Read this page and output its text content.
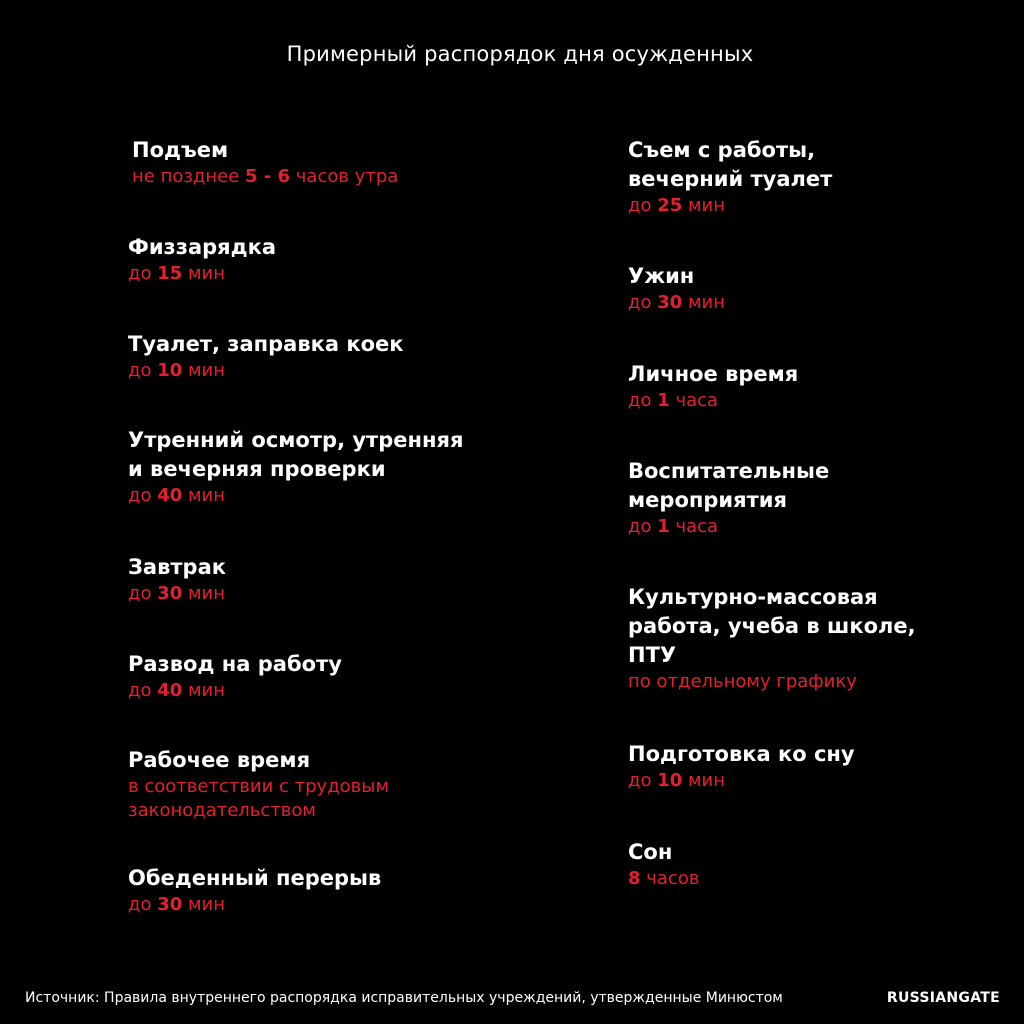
Примерный распорядок дня осужденных
Подъем
не позднее 5 - 6 часов утра
Физзарядка
до 15 мин
Туалет, заправка коек
до 10 мин
Утренний осмотр, утренняя
и вечерняя проверки
до 40 мин
Завтрак
до 30 мин
Развод на работу
до 40 мин
Рабочее время
в соответствии с трудовым
законодательством
Обеденный перерыв
до 30 мин
Съем с работы,
вечерний туалет
до 25 мин
Ужин
до 30 мин
Личное время
до 1 часа
Воспитательные
мероприятия
до 1 часа
Культурно-массовая
работа, учеба в школе,
ПТУ
по отдельному графику
Подготовка ко сну
до 10 мин
Сон
8 часов
Источник: Правила внутреннего распорядка исправительных учреждений, утвержденные Минюстом	RUSSIANGATE
